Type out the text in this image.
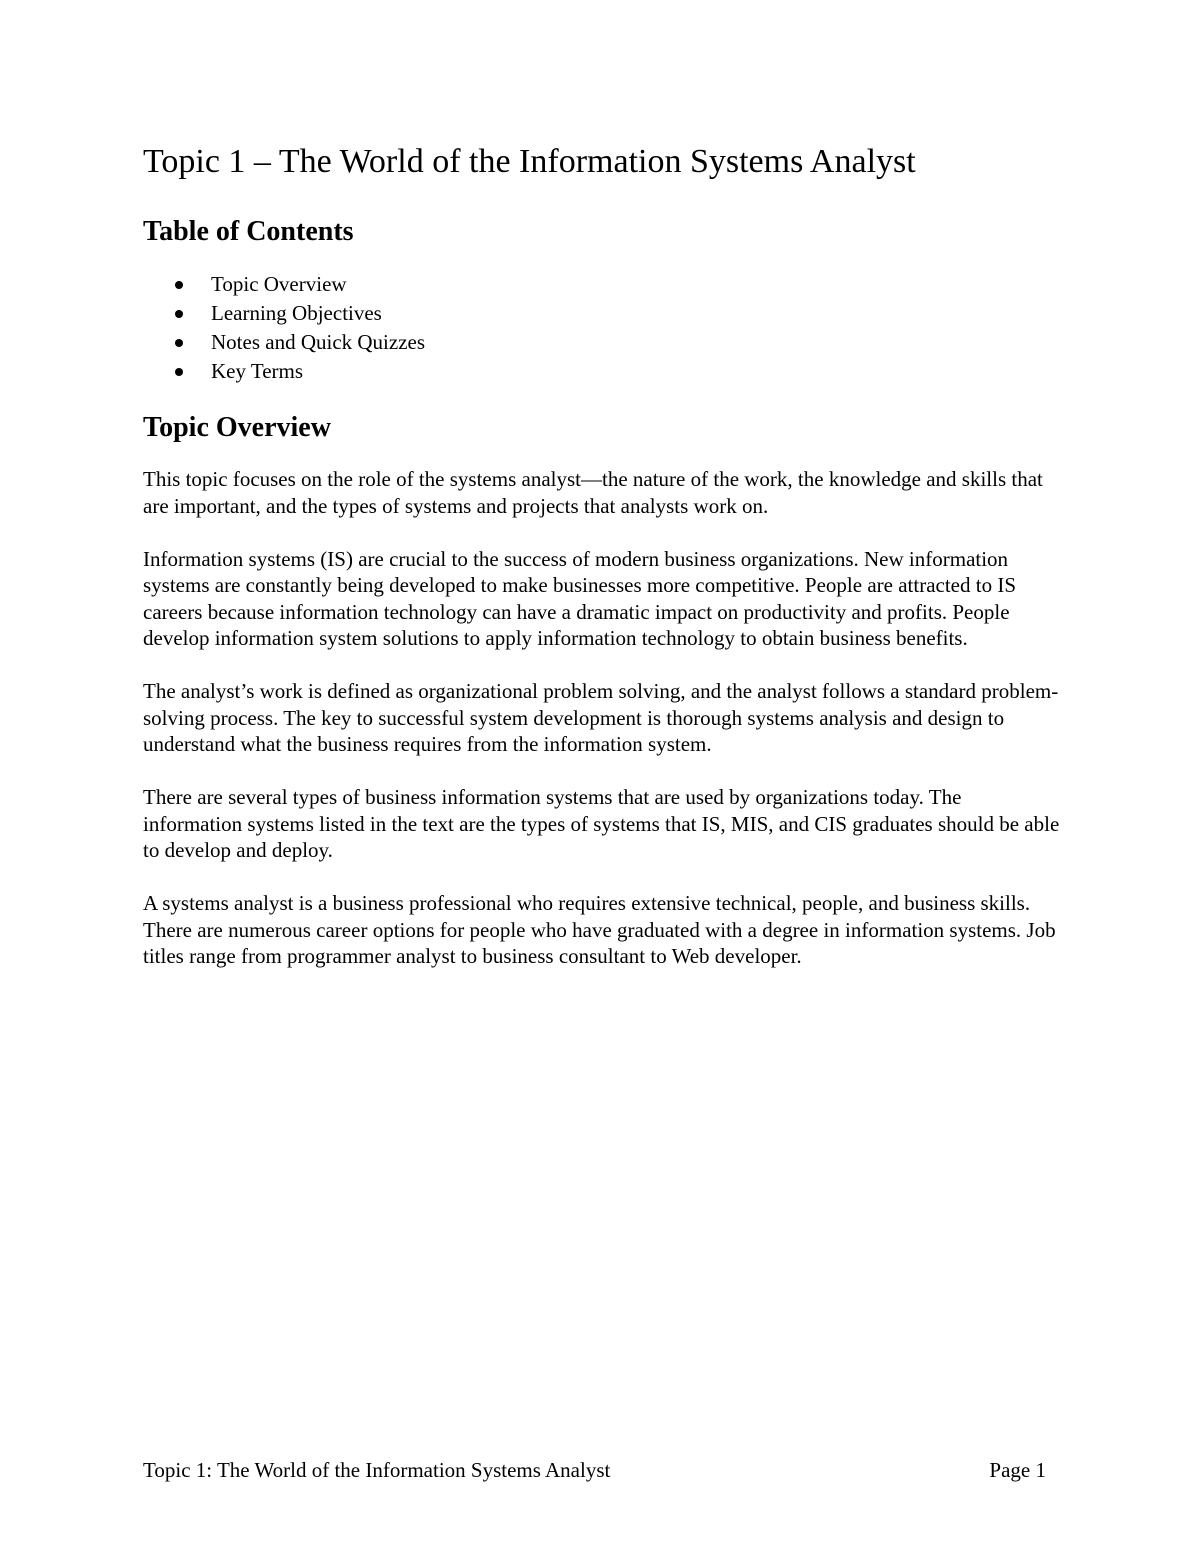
Topic 1 – The World of the Information Systems Analyst
Table of Contents
Topic Overview
Learning Objectives
Notes and Quick Quizzes
Key Terms
Topic Overview

This topic focuses on the role of the systems analyst—the nature of the work, the knowledge and skills that are important, and the types of systems and projects that analysts work on.

Information systems (IS) are crucial to the success of modern business organizations. New information systems are constantly being developed to make businesses more competitive. People are attracted to IS careers because information technology can have a dramatic impact on productivity and profits. People develop information system solutions to apply information technology to obtain business benefits.

The analyst’s work is defined as organizational problem solving, and the analyst follows a standard problem-solving process. The key to successful system development is thorough systems analysis and design to understand what the business requires from the information system.

There are several types of business information systems that are used by organizations today. The information systems listed in the text are the types of systems that IS, MIS, and CIS graduates should be able to develop and deploy.

A systems analyst is a business professional who requires extensive technical, people, and business skills. There are numerous career options for people who have graduated with a degree in information systems. Job titles range from programmer analyst to business consultant to Web developer.

Topic 1: The World of the Information Systems Analyst	Page 1
